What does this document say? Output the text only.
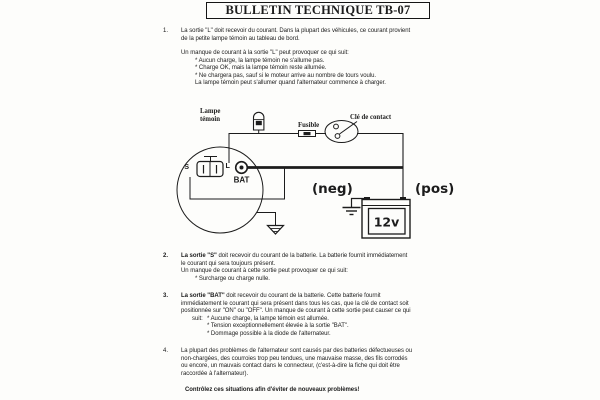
BULLETIN TECHNIQUE TB-07
1. La sortie "L" doit recevoir du courant. Dans la plupart des véhicules, ce courant provient
de la petite lampe témoin au tableau de bord.
Un manque de courant à la sortie "L" peut provoquer ce qui suit:
* Aucun charge, la lampe témoin ne s'allume pas.
* Charge OK, mais la lampe témoin reste allumée.
* Ne chargera pas, sauf si le moteur arrive au nombre de tours voulu.
La lampe témoin peut s'allumer quand l'alternateur commence à charger.
S	L
BAT
Lampe
témoin
Fusible
Clé de contact
12v
(neg)	(pos)
2. La sortie "S" doit recevoir du courant de la batterie. La batterie fournit immédiatement
le courant qui sera toujours présent.
Un manque de courant à cette sortie peut provoquer ce qui suit:
* Surcharge ou charge nulle.
3. La sortie "BAT" doit recevoir du courant de la batterie. Cette batterie fournit
immédiatement le courant qui sera présent dans tous les cas, que la clé de contact soit
positionnée sur "ON" ou "OFF". Un manque de courant à cette sortie peut causer ce qui
suit: * Aucune charge, la lampe témoin est allumée.
* Tension exceptionnellement élevée à la sortie "BAT".
* Dommage possible à la diode de l'alternateur.
4. La plupart des problèmes de l'alternateur sont causés par des batteries défectueuses ou
non-chargées, des courroies trop peu tendues, une mauvaise masse, des fils corrodés
ou encore, un mauvais contact dans le connecteur, (c'est-à-dire la fiche qui doit être
raccordée à l'alternateur).
Contrôlez ces situations afin d'éviter de nouveaux problèmes!
